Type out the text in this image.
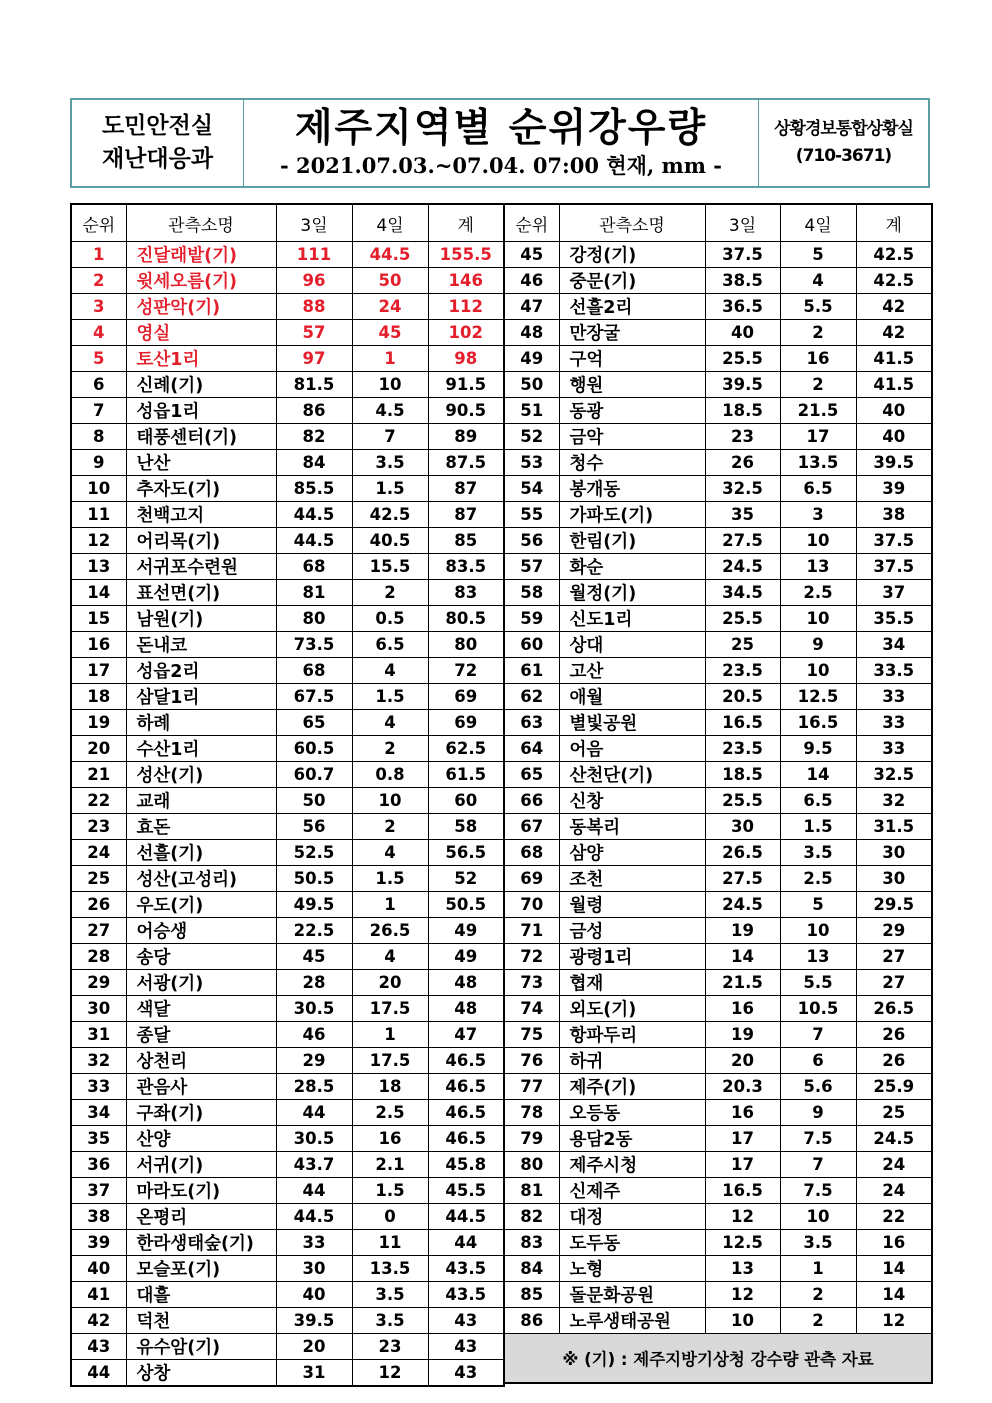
도민안전실
재난대응과
제주지역별 순위강우량
- 2021.07.03.~07.04. 07:00 현재, mm -
상황경보통합상황실
(710-3671)
순위	관측소명	3일	4일	계
1	진달래밭(기)	111	44.5	155.5
2	윗세오름(기)	96	50	146
3	성판악(기)	88	24	112
4	영실	57	45	102
5	토산1리	97	1	98
6	신례(기)	81.5	10	91.5
7	성읍1리	86	4.5	90.5
8	태풍센터(기)	82	7	89
9	난산	84	3.5	87.5
10	추자도(기)	85.5	1.5	87
11	천백고지	44.5	42.5	87
12	어리목(기)	44.5	40.5	85
13	서귀포수련원	68	15.5	83.5
14	표선면(기)	81	2	83
15	남원(기)	80	0.5	80.5
16	돈내코	73.5	6.5	80
17	성읍2리	68	4	72
18	삼달1리	67.5	1.5	69
19	하례	65	4	69
20	수산1리	60.5	2	62.5
21	성산(기)	60.7	0.8	61.5
22	교래	50	10	60
23	효돈	56	2	58
24	선흘(기)	52.5	4	56.5
25	성산(고성리)	50.5	1.5	52
26	우도(기)	49.5	1	50.5
27	어승생	22.5	26.5	49
28	송당	45	4	49
29	서광(기)	28	20	48
30	색달	30.5	17.5	48
31	종달	46	1	47
32	상천리	29	17.5	46.5
33	관음사	28.5	18	46.5
34	구좌(기)	44	2.5	46.5
35	산양	30.5	16	46.5
36	서귀(기)	43.7	2.1	45.8
37	마라도(기)	44	1.5	45.5
38	온평리	44.5	0	44.5
39	한라생태숲(기)	33	11	44
40	모슬포(기)	30	13.5	43.5
41	대흘	40	3.5	43.5
42	덕천	39.5	3.5	43
43	유수암(기)	20	23	43
44	상창	31	12	43
순위	관측소명	3일	4일	계
45	강정(기)	37.5	5	42.5
46	중문(기)	38.5	4	42.5
47	선흘2리	36.5	5.5	42
48	만장굴	40	2	42
49	구억	25.5	16	41.5
50	행원	39.5	2	41.5
51	동광	18.5	21.5	40
52	금악	23	17	40
53	청수	26	13.5	39.5
54	봉개동	32.5	6.5	39
55	가파도(기)	35	3	38
56	한림(기)	27.5	10	37.5
57	화순	24.5	13	37.5
58	월정(기)	34.5	2.5	37
59	신도1리	25.5	10	35.5
60	상대	25	9	34
61	고산	23.5	10	33.5
62	애월	20.5	12.5	33
63	별빛공원	16.5	16.5	33
64	어음	23.5	9.5	33
65	산천단(기)	18.5	14	32.5
66	신창	25.5	6.5	32
67	동복리	30	1.5	31.5
68	삼양	26.5	3.5	30
69	조천	27.5	2.5	30
70	월령	24.5	5	29.5
71	금성	19	10	29
72	광령1리	14	13	27
73	협재	21.5	5.5	27
74	외도(기)	16	10.5	26.5
75	항파두리	19	7	26
76	하귀	20	6	26
77	제주(기)	20.3	5.6	25.9
78	오등동	16	9	25
79	용담2동	17	7.5	24.5
80	제주시청	17	7	24
81	신제주	16.5	7.5	24
82	대정	12	10	22
83	도두동	12.5	3.5	16
84	노형	13	1	14
85	돌문화공원	12	2	14
86	노루생태공원	10	2	12
※ (기) : 제주지방기상청 강수량 관측 자료				
